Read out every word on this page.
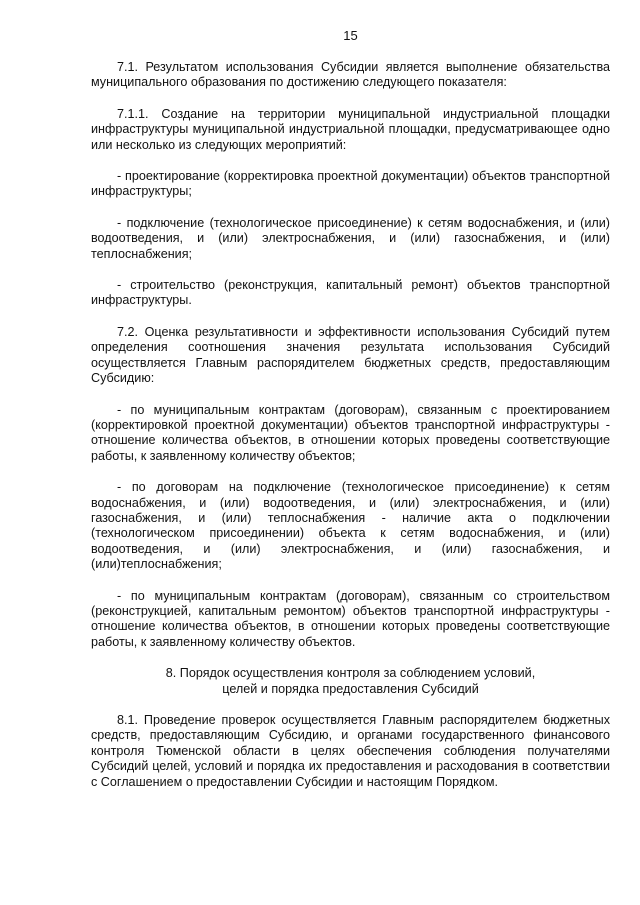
15

7.1. Результатом использования Субсидии является выполнение обязательства муниципального образования по достижению следующего показателя:

7.1.1. Создание на территории муниципальной индустриальной площадки инфраструктуры муниципальной индустриальной площадки, предусматривающее одно или несколько из следующих мероприятий:

- проектирование (корректировка проектной документации) объектов транспортной инфраструктуры;

- подключение (технологическое присоединение) к сетям водоснабжения, и (или) водоотведения, и (или) электроснабжения, и (или) газоснабжения, и (или) теплоснабжения;

- строительство (реконструкция, капитальный ремонт) объектов транспортной инфраструктуры.

7.2. Оценка результативности и эффективности использования Субсидий путем определения соотношения значения результата использования Субсидий осуществляется Главным распорядителем бюджетных средств, предоставляющим Субсидию:

- по муниципальным контрактам (договорам), связанным с проектированием (корректировкой проектной документации) объектов транспортной инфраструктуры - отношение количества объектов, в отношении которых проведены соответствующие работы, к заявленному количеству объектов;

- по договорам на подключение (технологическое присоединение) к сетям водоснабжения, и (или) водоотведения, и (или) электроснабжения, и (или) газоснабжения, и (или) теплоснабжения - наличие акта о подключении (технологическом присоединении) объекта к сетям водоснабжения, и (или) водоотведения, и (или) электроснабжения, и (или) газоснабжения, и (или)теплоснабжения;

- по муниципальным контрактам (договорам), связанным со строительством (реконструкцией, капитальным ремонтом) объектов транспортной инфраструктуры - отношение количества объектов, в отношении которых проведены соответствующие работы, к заявленному количеству объектов.

8. Порядок осуществления контроля за соблюдением условий,
целей и порядка предоставления Субсидий

8.1. Проведение проверок осуществляется Главным распорядителем бюджетных средств, предоставляющим Субсидию, и органами государственного финансового контроля Тюменской области в целях обеспечения соблюдения получателями Субсидий целей, условий и порядка их предоставления и расходования в соответствии с Соглашением о предоставлении Субсидии и настоящим Порядком.
